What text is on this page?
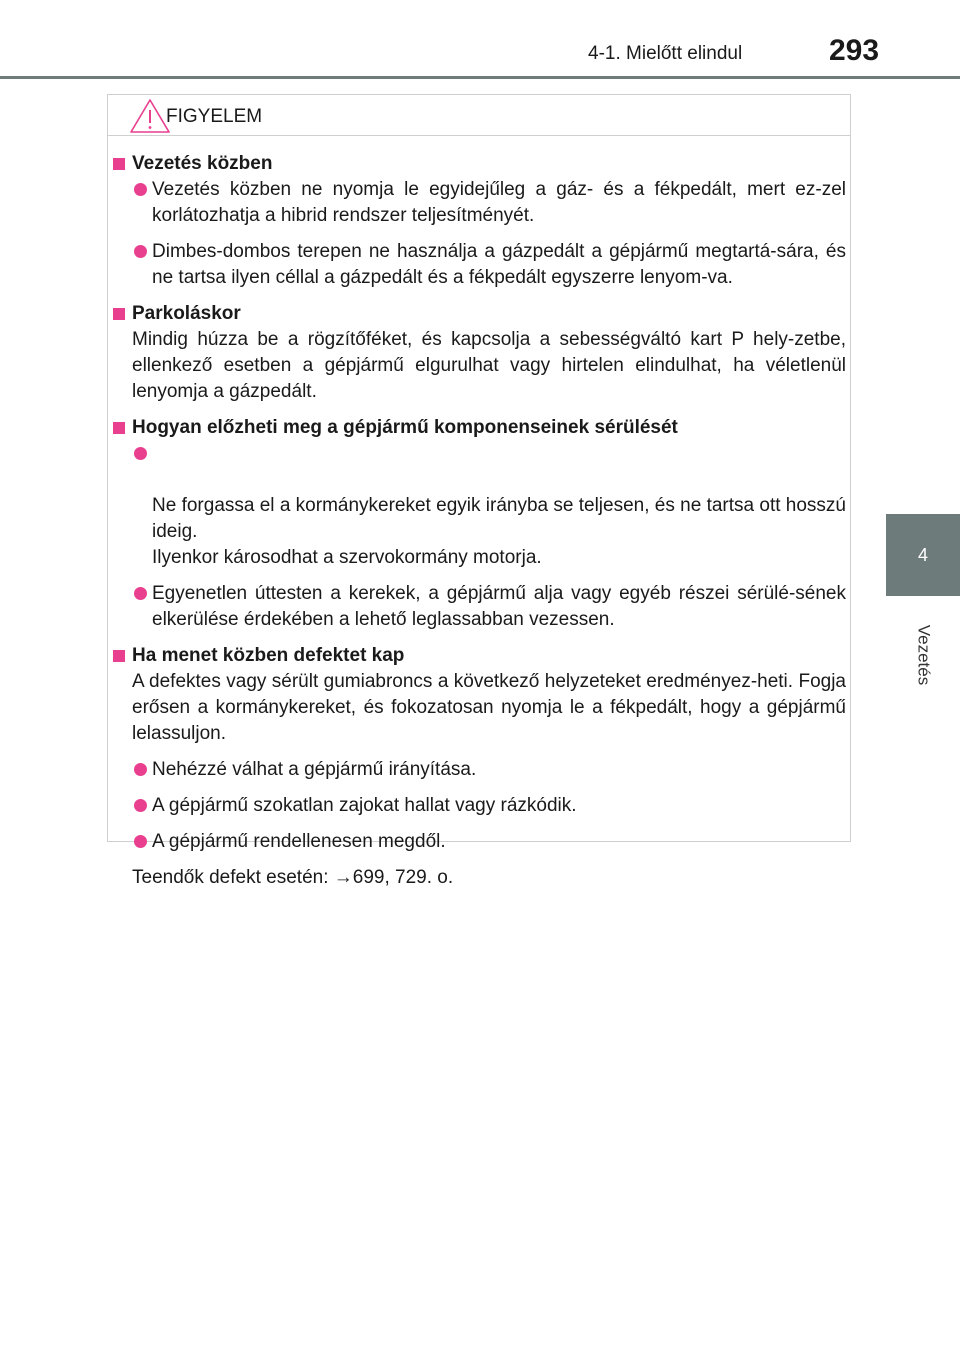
4-1. Mielőtt elindul	293
4
Vezetés
FIGYELEM
Vezetés közben
Vezetés közben ne nyomja le egyidejűleg a gáz- és a fékpedált, mert ez-zel korlátozhatja a hibrid rendszer teljesítményét.
Dimbes-dombos terepen ne használja a gázpedált a gépjármű megtartá-sára, és ne tartsa ilyen céllal a gázpedált és a fékpedált egyszerre lenyom-va.
Parkoláskor
Mindig húzza be a rögzítőféket, és kapcsolja a sebességváltó kart P hely-zetbe, ellenkező esetben a gépjármű elgurulhat vagy hirtelen elindulhat, ha véletlenül lenyomja a gázpedált.
Hogyan előzheti meg a gépjármű komponenseinek sérülését

Ne forgassa el a kormánykereket egyik irányba se teljesen, és ne tartsa ott hosszú ideig.
Ilyenkor károsodhat a szervokormány motorja.

Egyenetlen úttesten a kerekek, a gépjármű alja vagy egyéb részei sérülé-sének elkerülése érdekében a lehető leglassabban vezessen.
Ha menet közben defektet kap
A defektes vagy sérült gumiabroncs a következő helyzeteket eredményez-heti. Fogja erősen a kormánykereket, és fokozatosan nyomja le a fékpedált, hogy a gépjármű lelassuljon.
Nehézzé válhat a gépjármű irányítása.
A gépjármű szokatlan zajokat hallat vagy rázkódik.
A gépjármű rendellenesen megdől.
Teendők defekt esetén: →699, 729. o.
